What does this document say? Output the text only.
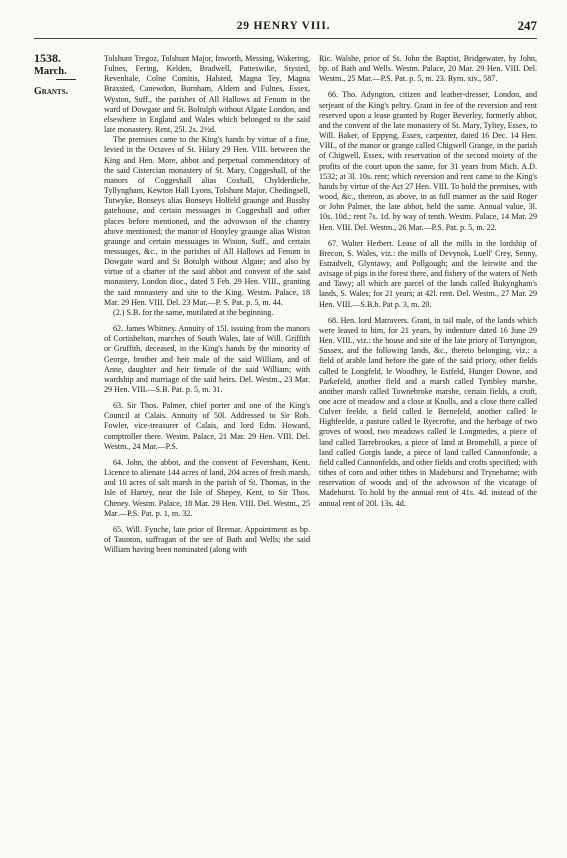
29 HENRY VIII.	247
1538.
March.
Grants.

Tolshunt Tregoz, Tolshunt Major, Inworth, Messing, Wakering, Fulnes, Fering, Kelden, Bradwell, Patteswike, Stysted, Revenhale, Colne Comitis, Halsted, Magna Tey, Magna Braxsted, Canewdon, Burnham, Aldern and Fulnes, Essex, Wyston, Suff., the parishes of All Hallows ad Fenum in the ward of Dowgate and St. Boltulph without Algate London, and elsewhere in England and Wales which belonged to the said late monastery. Rent, 25l. 2s. 2½d.

The premises came to the King's hands by virtue of a fine, levied in the Octaves of St. Hilary 29 Hen. VIII. between the King and Hen. More, abbot and perpetual commendatory of the said Cistercian monastery of St. Mary, Coggeshall, of the manors of Coggeshall alias Coxhall, Chylderdiche, Tyllyngham, Kewton Hall Lyons, Tolshunt Major, Chedingsell, Tutwyke, Bonseys alias Bonseys Holfeld graunge and Busshy gatehouse, and certain messuages in Coggeshall and other places before mentioned, and the advowson of the chantry above mentioned; the manor of Honyley graunge alias Wiston graunge and certain messuages in Wiston, Suff., and certain messuages, &c., in the parishes of All Hallows ad Fenum in Dowgate ward and St Botulph without Algate; and also by virtue of a charter of the said abbot and convent of the said monastery, London dioc., dated 5 Feb. 29 Hen. VIII., granting the said monastery and site to the King. Westm. Palace, 18 Mar. 29 Hen. VIII. Del. 23 Mar.—P. S. Pat. p. 5, m. 44.

(2.) S.B. for the same, mutilated at the beginning.

62. James Whitney. Annuity of 15l. issuing from the manors of Cortisbelton, marches of South Wales, late of Will. Griffith or Gruffith, deceased, in the King's hands by the minority of George, brother and heir male of the said William, and of Anne, daughter and heir female of the said William; with wardship and marriage of the said heirs. Del. Westm., 23 Mar. 29 Hen. VIII.—S.B. Pat. p. 5, m. 31.

63. Sir Thos. Palmer, chief porter and one of the King's Council at Calais. Annuity of 50l. Addressed to Sir Rob. Fowler, vice-treasurer of Calais, and lord Edm. Howard, comptroller there. Westm. Palace, 21 Mar. 29 Hen. VIII. Del. Westm., 24 Mar.—P.S.

64. John, the abbot, and the convent of Feversham, Kent. Licence to alienate 144 acres of land, 204 acres of fresh marsh, and 10 acres of salt marsh in the parish of St. Thomas, in the Isle of Hartey, near the Isle of Shepey, Kent, to Sir Thos. Cheney. Westm. Palace, 18 Mar. 29 Hen. VIII. Del. Westm., 25 Mar.—P.S. Pat. p. 1, m. 32.

65. Will. Fynche, late prior of Bremar. Appointment as bp. of Taunton, suffragan of the see of Bath and Wells; the said William having been nominated (along with

Ric. Walshe, prior of St. John the Baptist, Bridgewater, by John, bp. of Bath and Wells. Westm. Palace, 20 Mar. 29 Hen. VIII. Del. Westm., 25 Mar.—P.S. Pat. p. 5, m. 23. Rym. xiv., 587.

66. Tho. Adyngton, citizen and leather-dresser, London, and serjeant of the King's peltry. Grant in fee of the reversion and rent reserved upon a lease granted by Roger Beverley, formerly abbot, and the convent of the late monastery of St. Mary, Tyltey, Essex, to Will. Baker, of Eppyng, Essex, carpenter, dated 16 Dec. 14 Hen. VIII., of the manor or grange called Chigwell Grange, in the parish of Chigwell, Essex, with reservation of the second moiety of the profits of the court upon the same, for 31 years from Mich. A.D. 1532; at 3l. 10s. rent; which reversion and rent came to the King's hands by virtue of the Act 27 Hen. VIII. To hold the premises, with wood, &c., thereon, as above, in as full manner as the said Roger or John Palmer, the late abbot, held the same. Annual value, 3l. 10s. 10d.; rent 7s. 1d. by way of tenth. Westm. Palace, 14 Mar. 29 Hen. VIII. Del. Westm., 26 Mar.—P.S. Pat. p. 5, m. 22.

67. Walter Herbert. Lease of all the mills in the lordship of Brecon, S. Wales, viz.: the mills of Devynok, Luell' Crey, Senny, Estradvelt, Glyntawy, and Pollgough; and the leirwite and the avisage of pigs in the forest there, and fishery of the waters of Neth and Tawy; all which are parcel of the lands called Bukyngham's lands, S. Wales; for 21 years; at 42l. rent. Del. Westm., 27 Mar. 29 Hen. VIII.—S.B.b. Pat p. 3, m. 20.

68. Hen. lord Matravers. Grant, in tail male, of the lands which were leased to him, for 21 years, by indenture dated 16 June 29 Hen. VIII., viz.: the house and site of the late priory of Tortyngton, Sussex, and the following lands, &c., thereto belonging, viz.: a field of arable land before the gate of the said priory, other fields called le Longfeld, le Woodhey, le Estfeld, Hunger Downe, and Parkefeld, another field and a marsh called Tymbley marshe, another marsh called Townebroke marshe, certain fields, a croft, one acre of meadow and a close at Knolls, and a close there called Culver feelde, a field called le Bernefeld, another called le Highfeelde, a pasture called le Ryecrofte, and the herbage of two groves of wood, two meadows called le Longmedes, a piece of land called Tarrebrookes, a piece of land at Bromehill, a piece of land called Gorgis lande, a piece of land called Cannonfonde, a field called Cannonfelds, and other fields and crofts specified; with tithes of corn and other tithes in Madeburst and Tryneharne; with reservation of woods and of the advowson of the vicarage of Madehurst. To hold by the annual rent of 41s. 4d. instead of the annual rent of 20l. 13s. 4d.
